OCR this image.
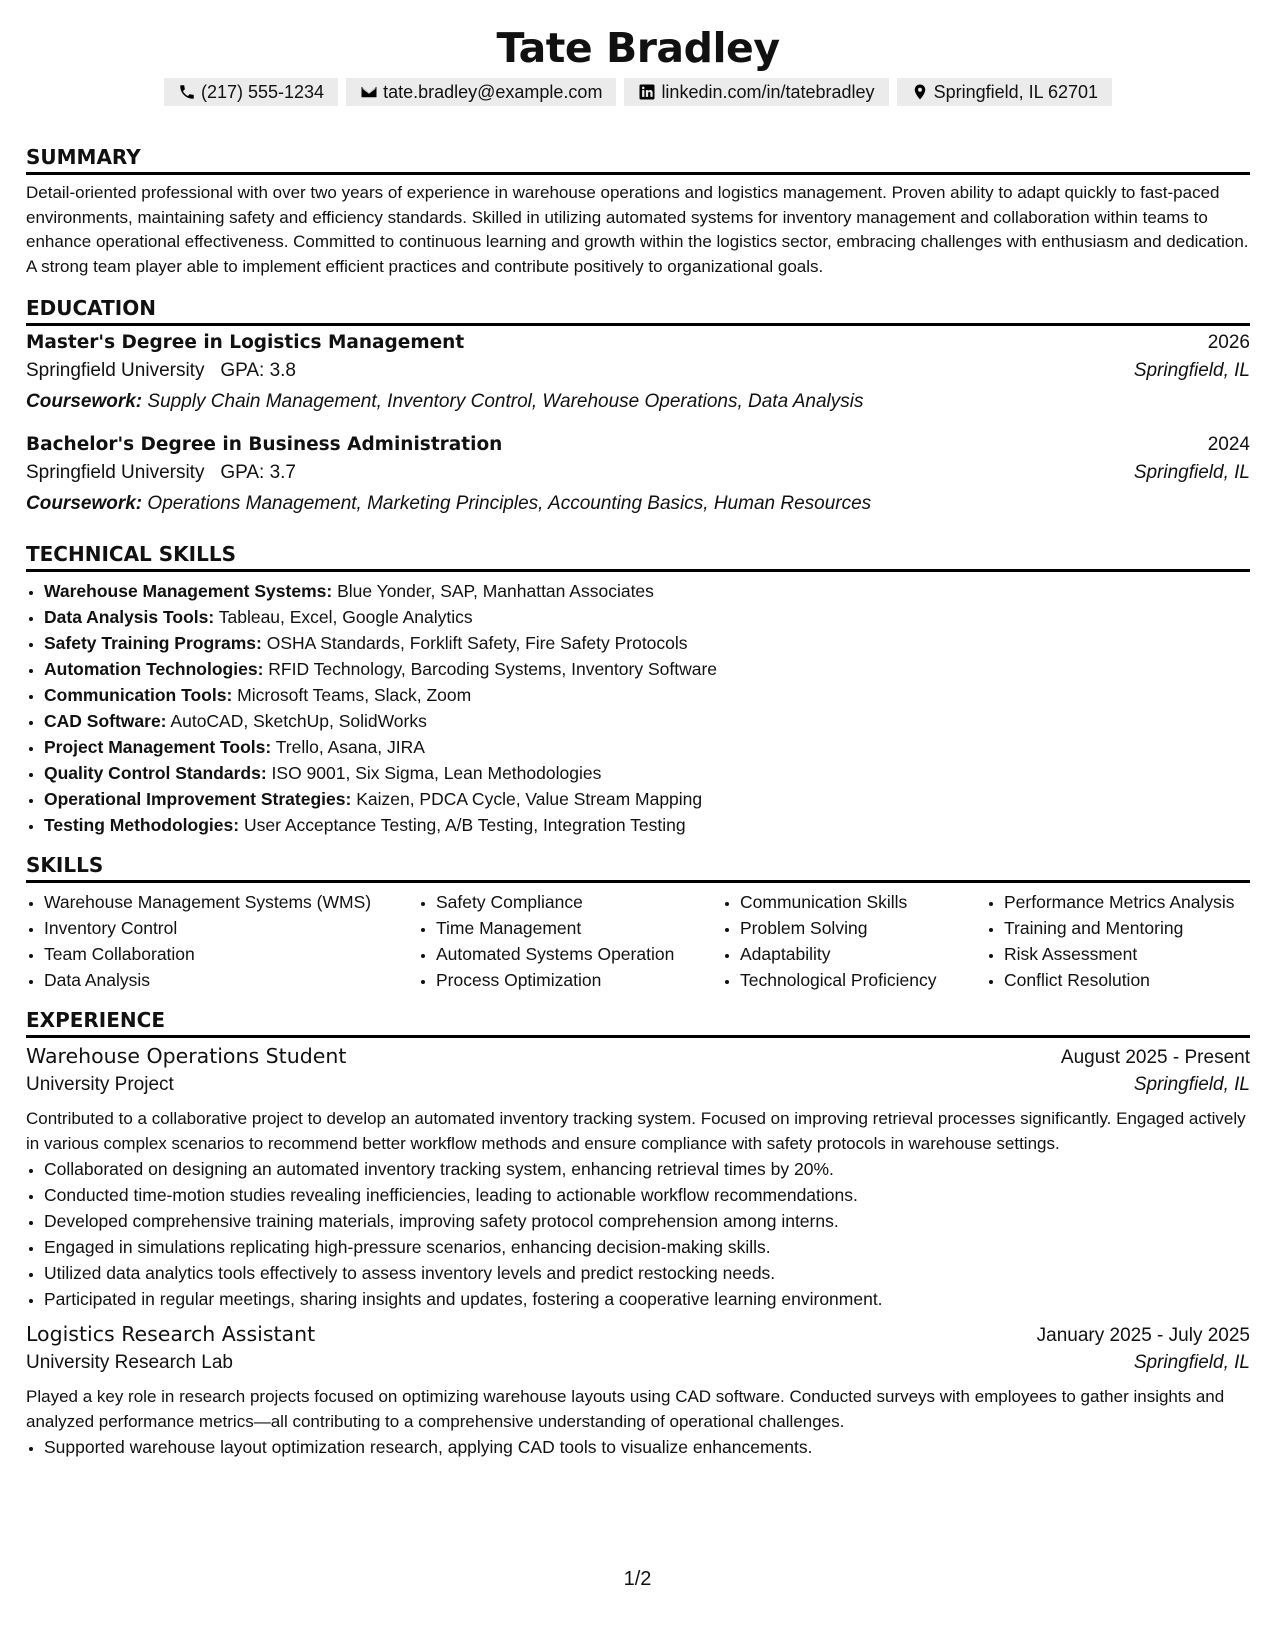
Tate Bradley
(217) 555-1234	tate.bradley@example.com	linkedin.com/in/tatebradley	Springfield, IL 62701
SUMMARY

Detail-oriented professional with over two years of experience in warehouse operations and logistics management. Proven ability to adapt quickly to fast-paced environments, maintaining safety and efficiency standards. Skilled in utilizing automated systems for inventory management and collaboration within teams to enhance operational effectiveness. Committed to continuous learning and growth within the logistics sector, embracing challenges with enthusiasm and dedication. A strong team player able to implement efficient practices and contribute positively to organizational goals.

EDUCATION
Master's Degree in Logistics Management	2026
Springfield University GPA: 3.8	Springfield, IL
Coursework: Supply Chain Management, Inventory Control, Warehouse Operations, Data Analysis
Bachelor's Degree in Business Administration	2024
Springfield University GPA: 3.7	Springfield, IL
Coursework: Operations Management, Marketing Principles, Accounting Basics, Human Resources
TECHNICAL SKILLS
• Warehouse Management Systems: Blue Yonder, SAP, Manhattan Associates
• Data Analysis Tools: Tableau, Excel, Google Analytics
• Safety Training Programs: OSHA Standards, Forklift Safety, Fire Safety Protocols
• Automation Technologies: RFID Technology, Barcoding Systems, Inventory Software
• Communication Tools: Microsoft Teams, Slack, Zoom
• CAD Software: AutoCAD, SketchUp, SolidWorks
• Project Management Tools: Trello, Asana, JIRA
• Quality Control Standards: ISO 9001, Six Sigma, Lean Methodologies
• Operational Improvement Strategies: Kaizen, PDCA Cycle, Value Stream Mapping
• Testing Methodologies: User Acceptance Testing, A/B Testing, Integration Testing
SKILLS
• Warehouse Management Systems (WMS)
• Inventory Control
• Team Collaboration
• Data Analysis
• Safety Compliance
• Time Management
• Automated Systems Operation
• Process Optimization
• Communication Skills
• Problem Solving
• Adaptability
• Technological Proficiency
• Performance Metrics Analysis
• Training and Mentoring
• Risk Assessment
• Conflict Resolution
EXPERIENCE
Warehouse Operations Student	August 2025 - Present
University Project	Springfield, IL

Contributed to a collaborative project to develop an automated inventory tracking system. Focused on improving retrieval processes significantly. Engaged actively in various complex scenarios to recommend better workflow methods and ensure compliance with safety protocols in warehouse settings.

• Collaborated on designing an automated inventory tracking system, enhancing retrieval times by 20%.
• Conducted time-motion studies revealing inefficiencies, leading to actionable workflow recommendations.
• Developed comprehensive training materials, improving safety protocol comprehension among interns.
• Engaged in simulations replicating high-pressure scenarios, enhancing decision-making skills.
• Utilized data analytics tools effectively to assess inventory levels and predict restocking needs.
• Participated in regular meetings, sharing insights and updates, fostering a cooperative learning environment.
Logistics Research Assistant	January 2025 - July 2025
University Research Lab	Springfield, IL

Played a key role in research projects focused on optimizing warehouse layouts using CAD software. Conducted surveys with employees to gather insights and analyzed performance metrics—all contributing to a comprehensive understanding of operational challenges.

• Supported warehouse layout optimization research, applying CAD tools to visualize enhancements.
1/2
